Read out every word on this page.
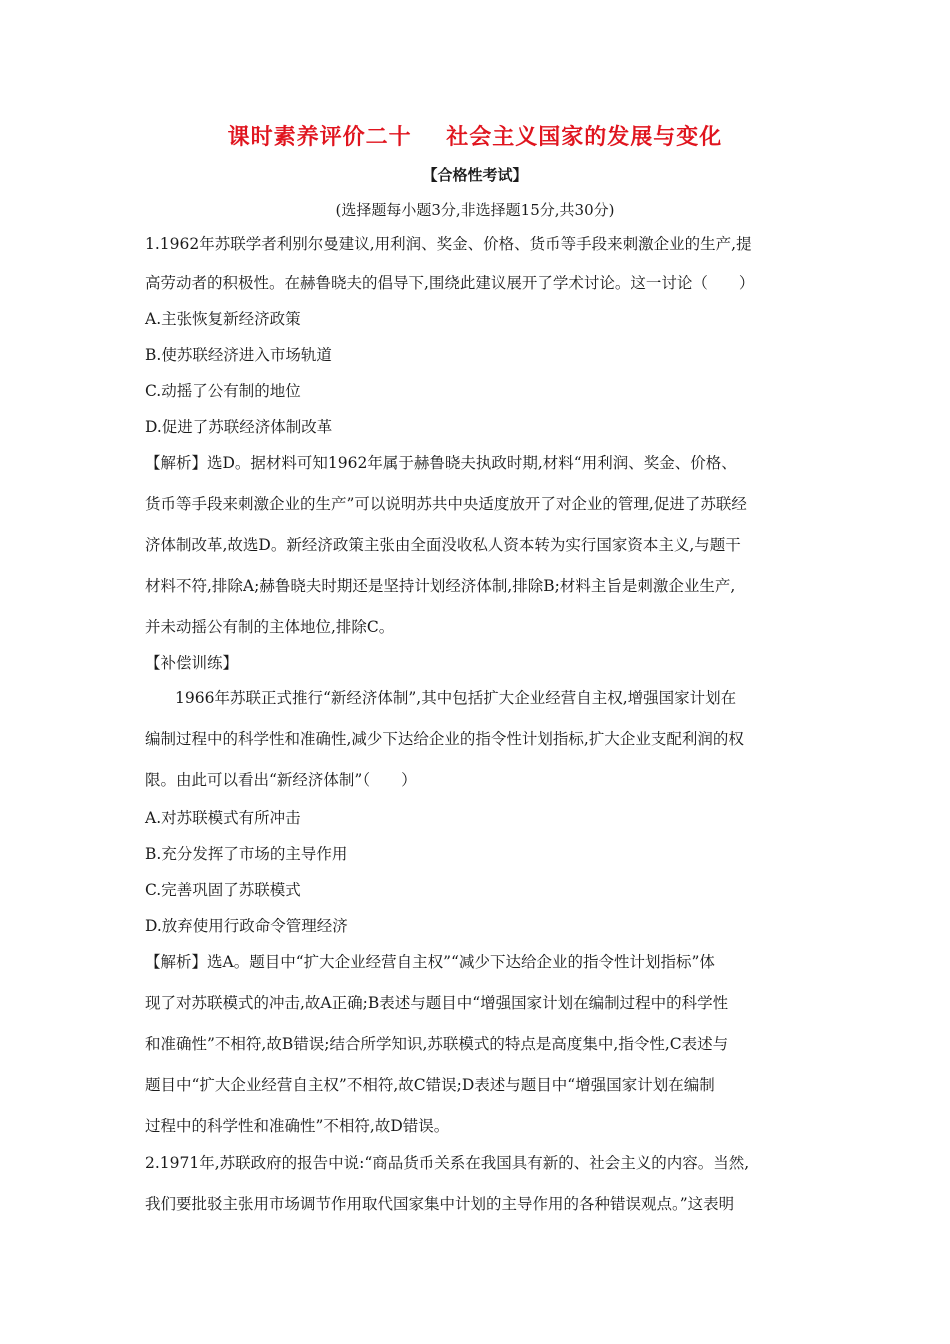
课时素养评价二十    社会主义国家的发展与变化
【合格性考试】
(选择题每小题3分,非选择题15分,共30分)
1.1962年苏联学者利别尔曼建议,用利润、奖金、价格、货币等手段来刺激企业的生产,提
高劳动者的积极性。在赫鲁晓夫的倡导下,围绕此建议展开了学术讨论。这一讨论（　　）
A.主张恢复新经济政策
B.使苏联经济进入市场轨道
C.动摇了公有制的地位
D.促进了苏联经济体制改革
【解析】选D。据材料可知1962年属于赫鲁晓夫执政时期,材料“用利润、奖金、价格、
货币等手段来刺激企业的生产”可以说明苏共中央适度放开了对企业的管理,促进了苏联经
济体制改革,故选D。新经济政策主张由全面没收私人资本转为实行国家资本主义,与题干
材料不符,排除A;赫鲁晓夫时期还是坚持计划经济体制,排除B;材料主旨是刺激企业生产,
并未动摇公有制的主体地位,排除C。
【补偿训练】
1966年苏联正式推行“新经济体制”,其中包括扩大企业经营自主权,增强国家计划在
编制过程中的科学性和准确性,减少下达给企业的指令性计划指标,扩大企业支配利润的权
限。由此可以看出“新经济体制”（　　）
A.对苏联模式有所冲击
B.充分发挥了市场的主导作用
C.完善巩固了苏联模式
D.放弃使用行政命令管理经济
【解析】选A。题目中“扩大企业经营自主权”“减少下达给企业的指令性计划指标”体
现了对苏联模式的冲击,故A正确;B表述与题目中“增强国家计划在编制过程中的科学性
和准确性”不相符,故B错误;结合所学知识,苏联模式的特点是高度集中,指令性,C表述与
题目中“扩大企业经营自主权”不相符,故C错误;D表述与题目中“增强国家计划在编制
过程中的科学性和准确性”不相符,故D错误。
2.1971年,苏联政府的报告中说:“商品货币关系在我国具有新的、社会主义的内容。当然,
我们要批驳主张用市场调节作用取代国家集中计划的主导作用的各种错误观点。”这表明
